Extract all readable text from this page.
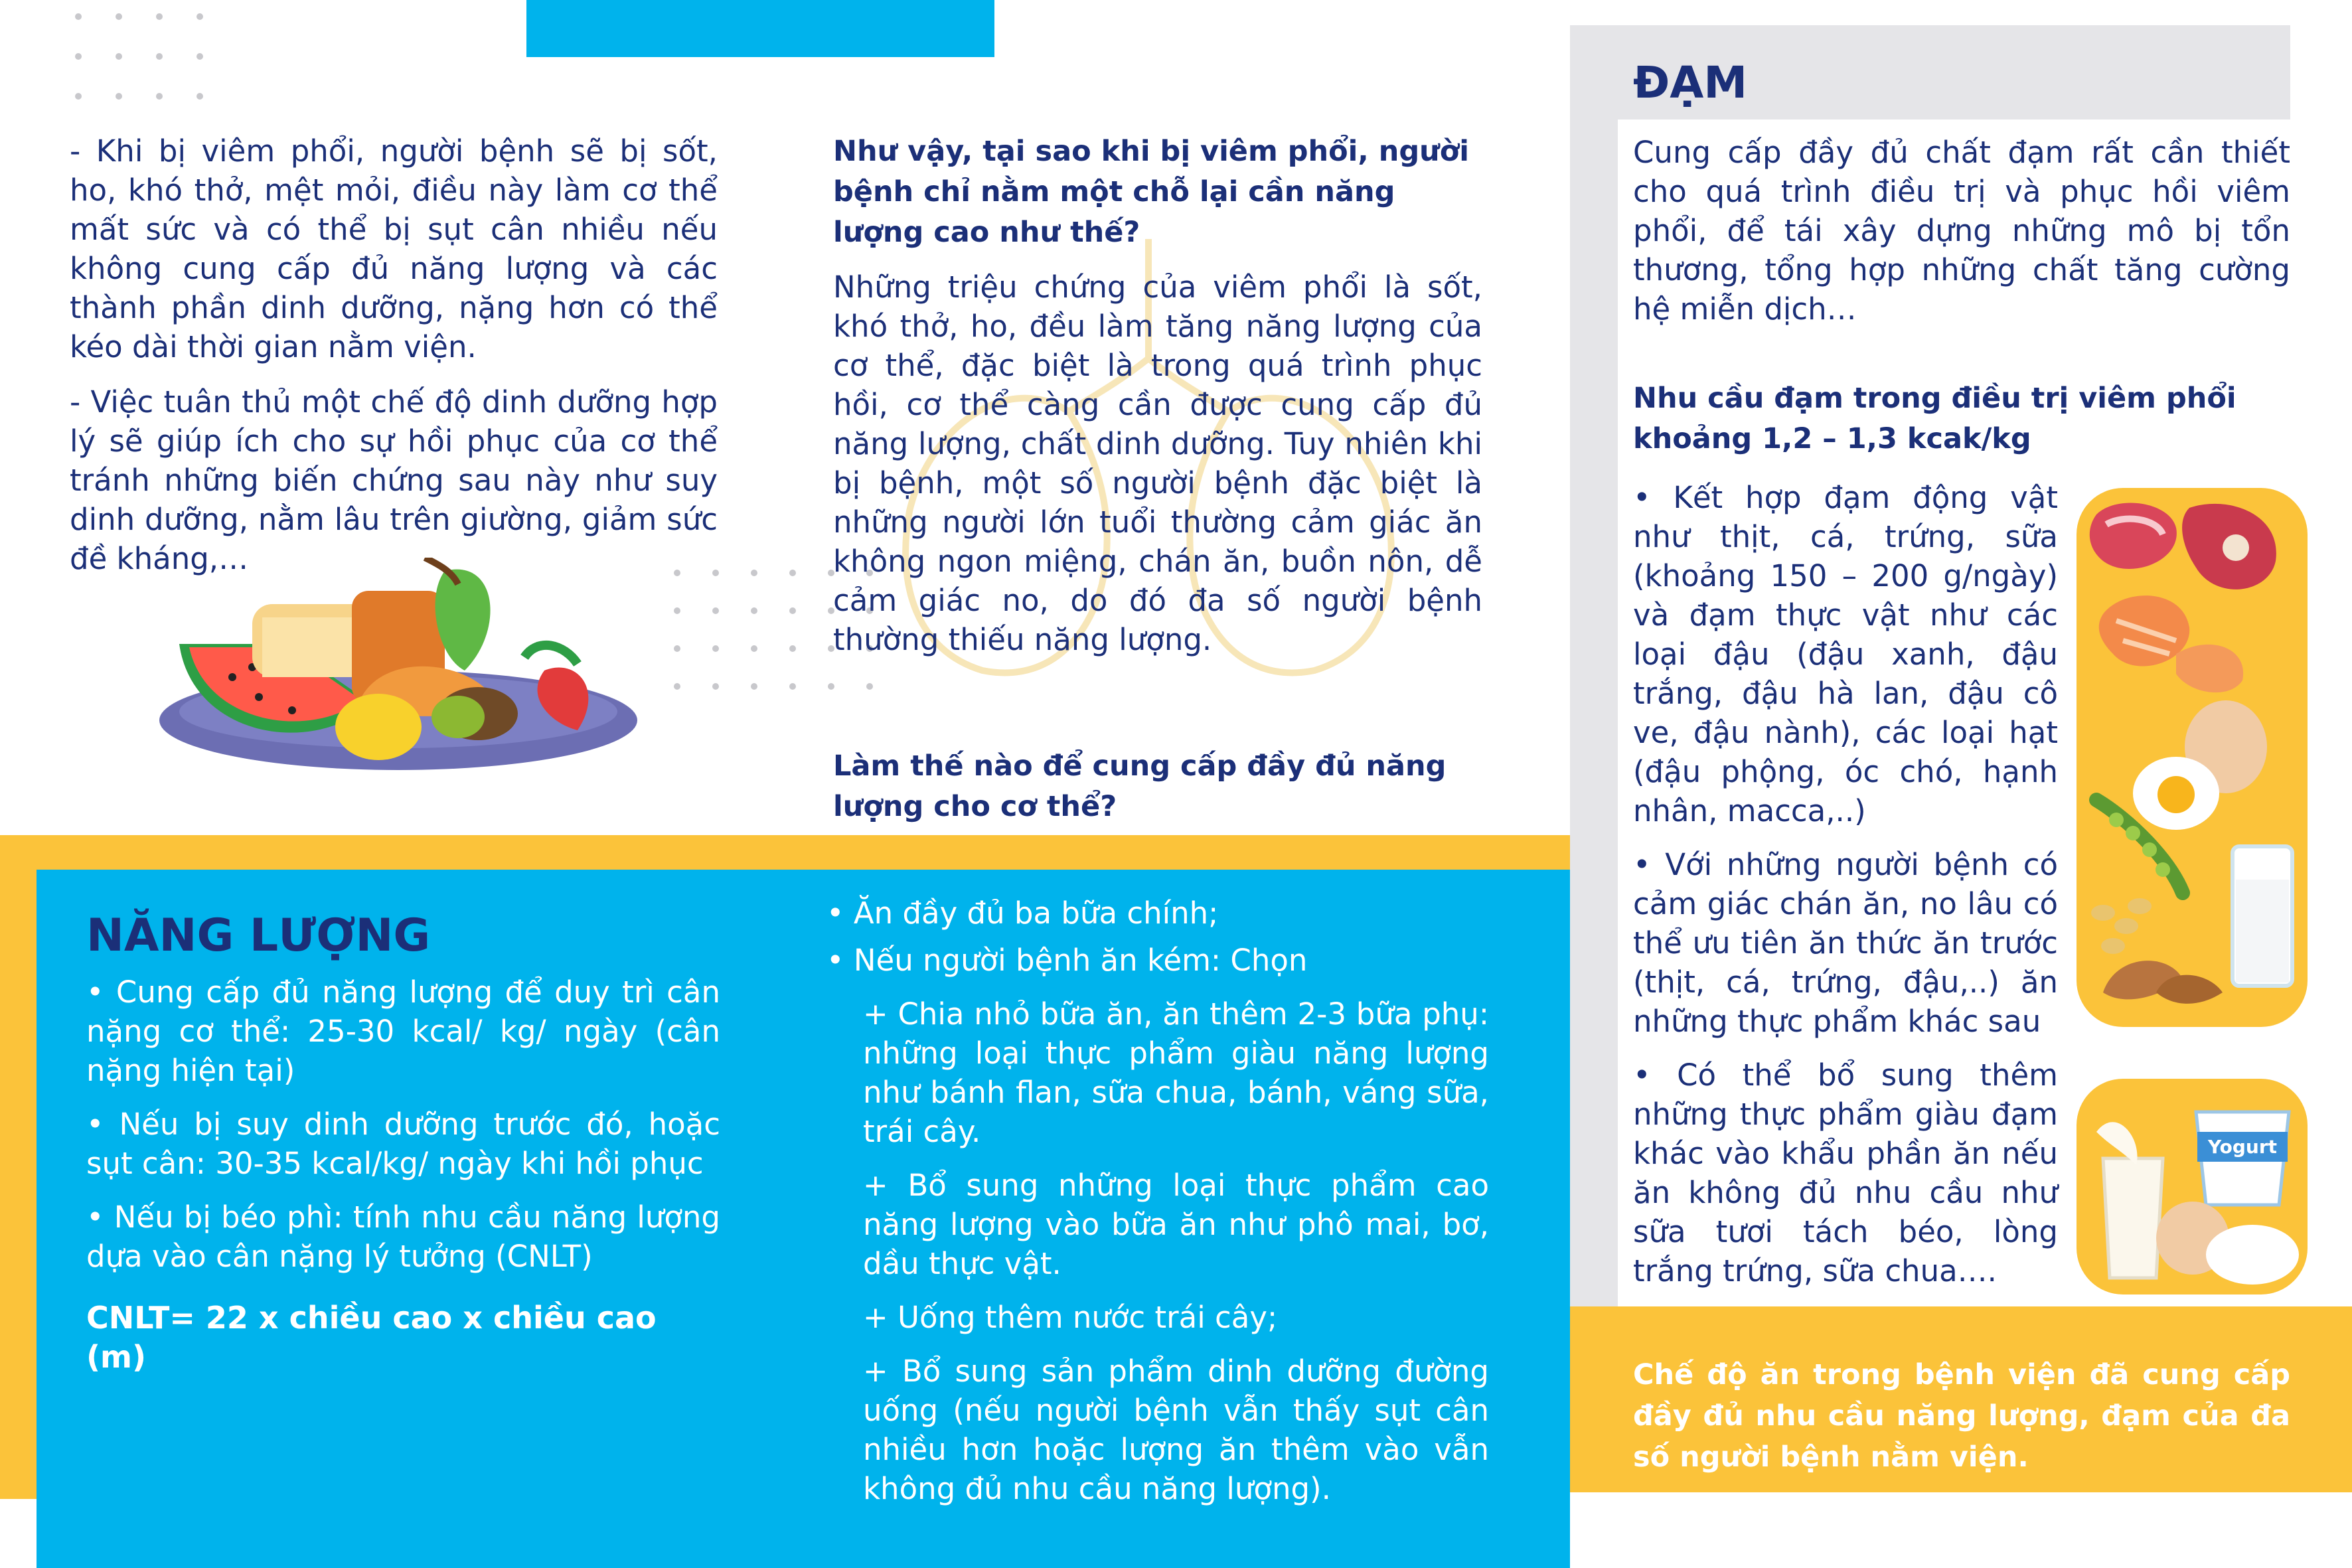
- Khi bị viêm phổi, người bệnh sẽ bị sốt, ho, khó thở, mệt mỏi, điều này làm cơ thể mất sức và có thể bị sụt cân nhiều nếu không cung cấp đủ năng lượng và các thành phần dinh dưỡng, nặng hơn có thể kéo dài thời gian nằm viện.

- Việc tuân thủ một chế độ dinh dưỡng hợp lý sẽ giúp ích cho sự hồi phục của cơ thể tránh những biến chứng sau này như suy dinh dưỡng, nằm lâu trên giường, giảm sức đề kháng,…

Như vậy, tại sao khi bị viêm phổi, người bệnh chỉ nằm một chỗ lại cần năng lượng cao như thế?

Những triệu chứng của viêm phổi là sốt, khó thở, ho, đều làm tăng năng lượng của cơ thể, đặc biệt là trong quá trình phục hồi, cơ thể càng cần được cung cấp đủ năng lượng, chất dinh dưỡng. Tuy nhiên khi bị bệnh, một số người bệnh đặc biệt là những người lớn tuổi thường cảm giác ăn không ngon miệng, chán ăn, buồn nôn, dễ cảm giác no, do đó đa số người bệnh thường thiếu năng lượng.

Làm thế nào để cung cấp đầy đủ năng lượng cho cơ thể?

NĂNG LƯỢNG

• Cung cấp đủ năng lượng để duy trì cân nặng cơ thể: 25-30 kcal/ kg/ ngày (cân nặng hiện tại)

• Nếu bị suy dinh dưỡng trước đó, hoặc sụt cân: 30-35 kcal/kg/ ngày khi hồi phục

• Nếu bị béo phì: tính nhu cầu năng lượng dựa vào cân nặng lý tưởng (CNLT)

CNLT= 22 x chiều cao x chiều cao (m)

• Ăn đầy đủ ba bữa chính;

• Nếu người bệnh ăn kém: Chọn

+ Chia nhỏ bữa ăn, ăn thêm 2-3 bữa phụ: những loại thực phẩm giàu năng lượng như bánh flan, sữa chua, bánh, váng sữa, trái cây.

+ Bổ sung những loại thực phẩm cao năng lượng vào bữa ăn như phô mai, bơ, dầu thực vật.

+ Uống thêm nước trái cây;

+ Bổ sung sản phẩm dinh dưỡng đường uống (nếu người bệnh vẫn thấy sụt cân nhiều hơn hoặc lượng ăn thêm vào vẫn không đủ nhu cầu năng lượng).

ĐẠM

Cung cấp đầy đủ chất đạm rất cần thiết cho quá trình điều trị và phục hồi viêm phổi, để tái xây dựng những mô bị tổn thương, tổng hợp những chất tăng cường hệ miễn dịch…

Nhu cầu đạm trong điều trị viêm phổi khoảng 1,2 – 1,3 kcak/kg

• Kết hợp đạm động vật như thịt, cá, trứng, sữa (khoảng 150 – 200 g/ngày) và đạm thực vật như các loại đậu (đậu xanh, đậu trắng, đậu hà lan, đậu cô ve, đậu nành), các loại hạt (đậu phộng, óc chó, hạnh nhân, macca,..)

• Với những người bệnh có cảm giác chán ăn, no lâu có thể ưu tiên ăn thức ăn trước (thịt, cá, trứng, đậu,..) ăn những thực phẩm khác sau

• Có thể bổ sung thêm những thực phẩm giàu đạm khác vào khẩu phần ăn nếu ăn không đủ nhu cầu như sữa tươi tách béo, lòng trắng trứng, sữa chua….

Yogurt

Chế độ ăn trong bệnh viện đã cung cấp đầy đủ nhu cầu năng lượng, đạm của đa số người bệnh nằm viện.
